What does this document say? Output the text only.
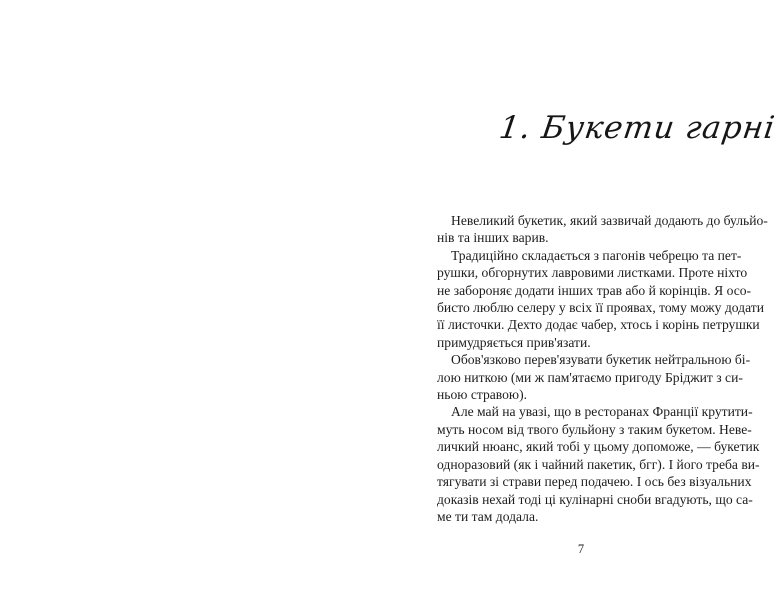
1. Букети гарні

Невеликий букетик, який зазвичай додають до бульйо-
нів та інших варив.

Традиційно складається з пагонів чебрецю та пет-
рушки, обгорнутих лавровими листками. Проте ніхто
не забороняє додати інших трав або й корінців. Я осо-
бисто люблю селеру у всіх її проявах, тому можу додати
її листочки. Дехто додає чабер, хтось і корінь петрушки
примудряється прив'язати.

Обов'язково перев'язувати букетик нейтральною бі-
лою ниткою (ми ж пам'ятаємо пригоду Бріджит з си-
ньою стравою).

Але май на увазі, що в ресторанах Франції крутити-
муть носом від твого бульйону з таким букетом. Неве-
личкий нюанс, який тобі у цьому допоможе, — букетик
одноразовий (як і чайний пакетик, бгг). І його треба ви-
тягувати зі страви перед подачею. І ось без візуальних
доказів нехай тоді ці кулінарні сноби вгадують, що са-
ме ти там додала.

7
